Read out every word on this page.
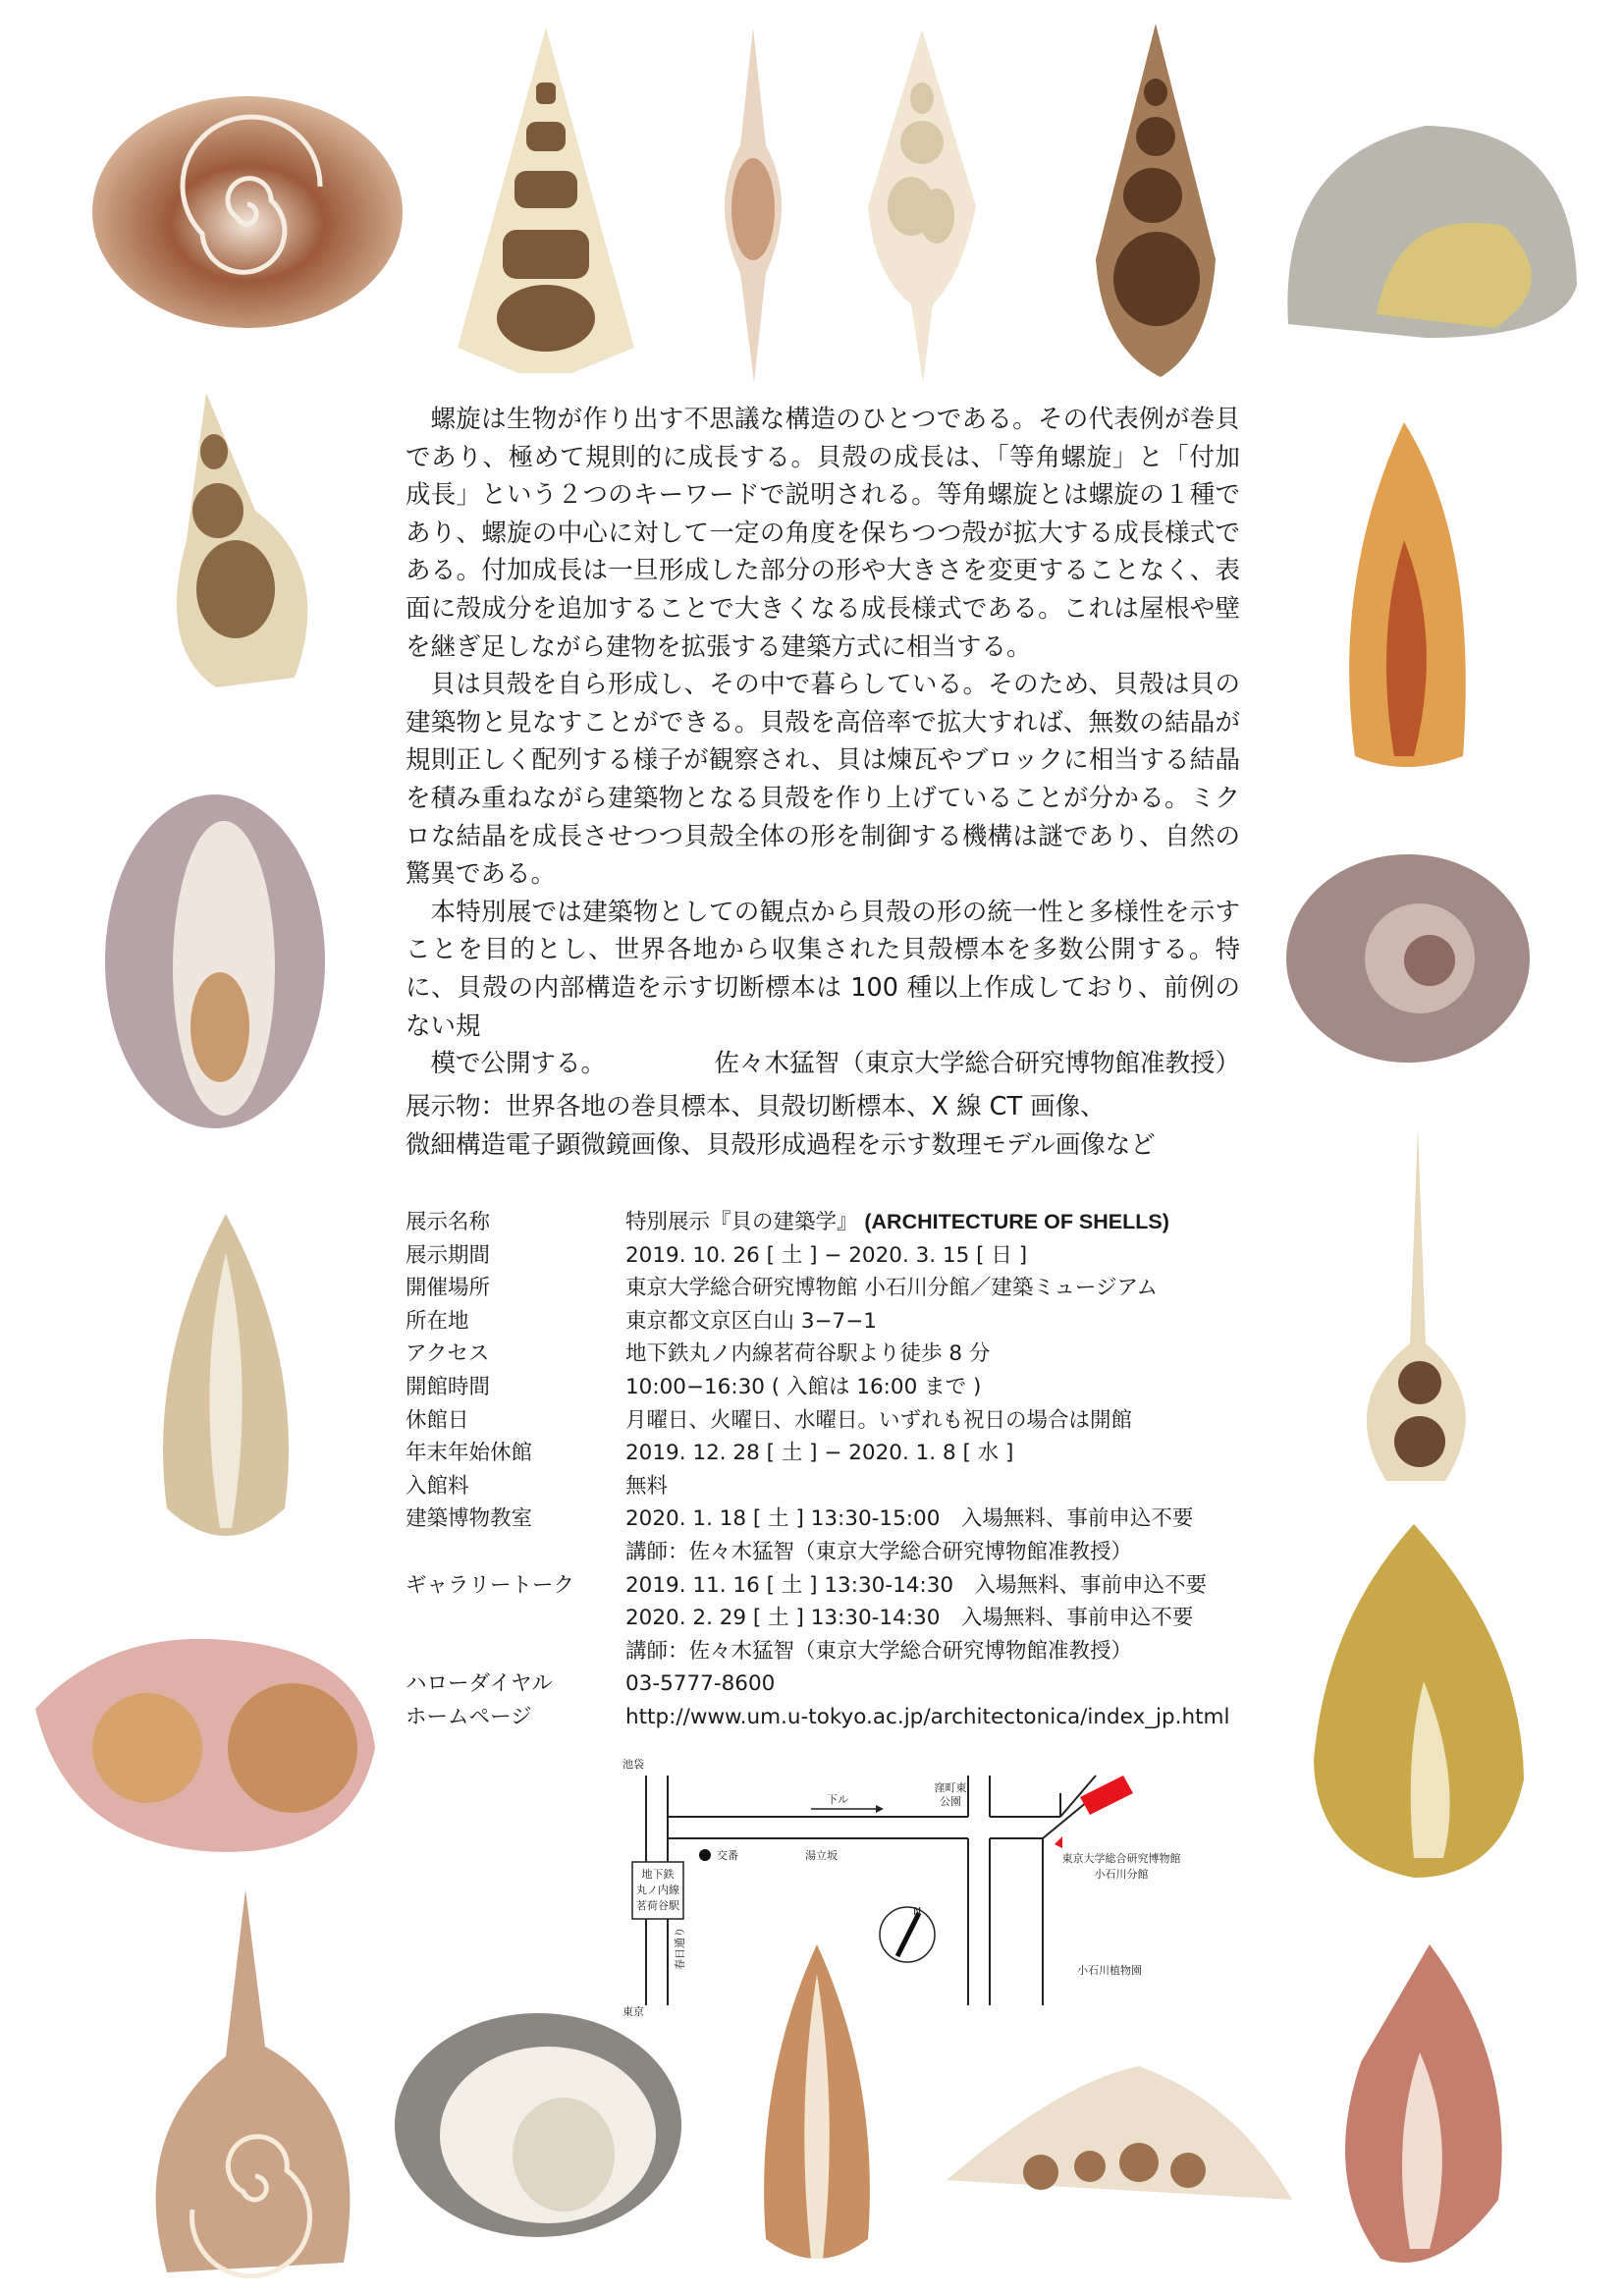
螺旋は生物が作り出す不思議な構造のひとつである。その代表例が巻貝であり、極めて規則的に成長する。貝殻の成長は、「等角螺旋」と「付加成長」という２つのキーワードで説明される。等角螺旋とは螺旋の１種であり、螺旋の中心に対して一定の角度を保ちつつ殻が拡大する成長様式である。付加成長は一旦形成した部分の形や大きさを変更することなく、表面に殻成分を追加することで大きくなる成長様式である。これは屋根や壁を継ぎ足しながら建物を拡張する建築方式に相当する。

貝は貝殻を自ら形成し、その中で暮らしている。そのため、貝殻は貝の建築物と見なすことができる。貝殻を高倍率で拡大すれば、無数の結晶が規則正しく配列する様子が観察され、貝は煉瓦やブロックに相当する結晶を積み重ねながら建築物となる貝殻を作り上げていることが分かる。ミクロな結晶を成長させつつ貝殻全体の形を制御する機構は謎であり、自然の驚異である。

本特別展では建築物としての観点から貝殻の形の統一性と多様性を示すことを目的とし、世界各地から収集された貝殻標本を多数公開する。特に、貝殻の内部構造を示す切断標本は 100 種以上作成しており、前例のない規

模で公開する。	佐々木猛智（東京大学総合研究博物館准教授）

展示物：世界各地の巻貝標本、貝殻切断標本、X 線 CT 画像、
微細構造電子顕微鏡画像、貝殻形成過程を示す数理モデル画像など
展示名称	特別展示『貝の建築学』 (ARCHITECTURE OF SHELLS)
展示期間	2019. 10. 26 [ 土 ] − 2020. 3. 15 [ 日 ]
開催場所	東京大学総合研究博物館 小石川分館／建築ミュージアム
所在地	東京都文京区白山 3−7−1
アクセス	地下鉄丸ノ内線茗荷谷駅より徒歩 8 分
開館時間	10:00−16:30 ( 入館は 16:00 まで )
休館日	月曜日、火曜日、水曜日。いずれも祝日の場合は開館
年末年始休館	2019. 12. 28 [ 土 ] − 2020. 1. 8 [ 水 ]
入館料	無料
建築博物教室	2020. 1. 18 [ 土 ] 13:30-15:00　入場無料、事前申込不要
講師：佐々木猛智（東京大学総合研究博物館准教授）
ギャラリートーク	2019. 11. 16 [ 土 ] 13:30-14:30　入場無料、事前申込不要
2020. 2. 29 [ 土 ] 13:30-14:30　入場無料、事前申込不要
講師：佐々木猛智（東京大学総合研究博物館准教授）
ハローダイヤル	03-5777-8600
ホームページ	http://www.um.u-tokyo.ac.jp/architectonica/index_jp.html
地下鉄
丸ノ内線
茗荷谷駅
池袋
東京
春日通り
交番	湯立坂
下ル
窪町東
公園
N
東京大学総合研究博物館
小石川分館
小石川植物園
